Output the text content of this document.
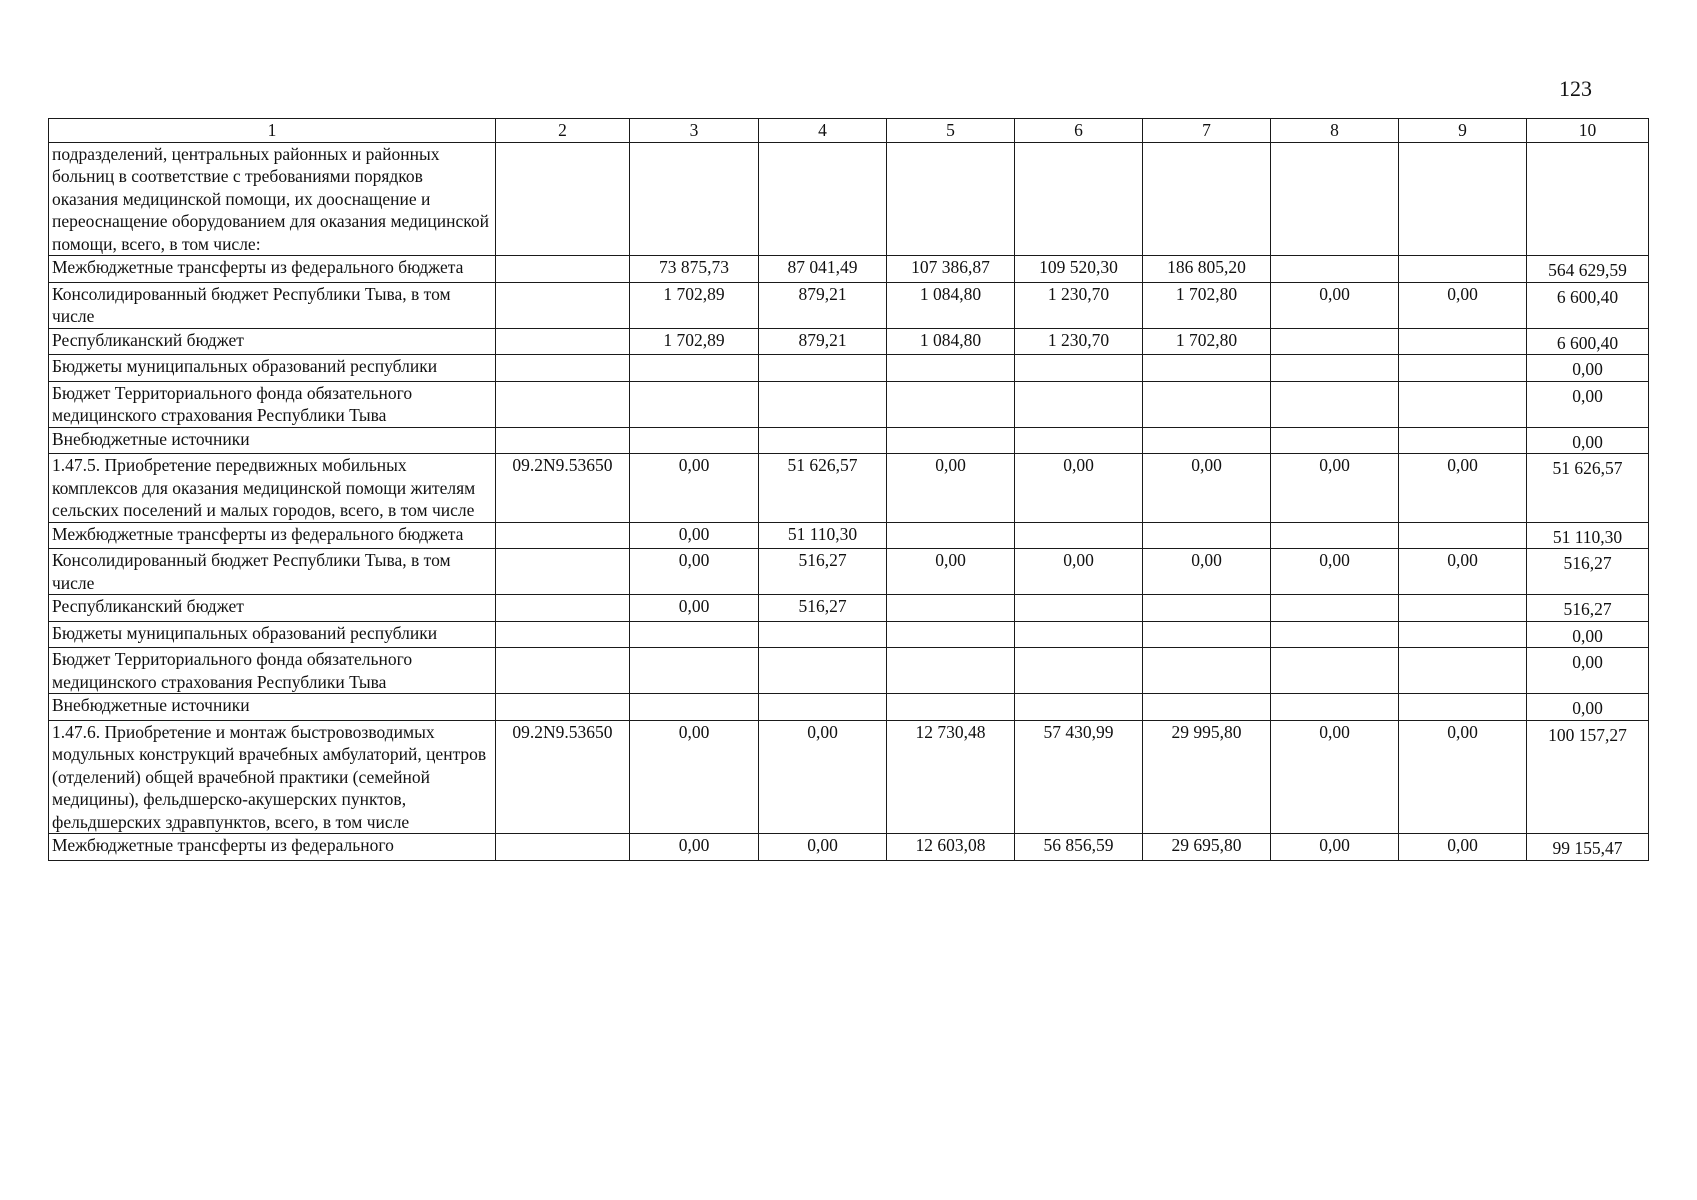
123
1	2	3	4	5	6	7	8	9	10
подразделений, центральных районных и районных больниц в соответствие с требованиями порядков оказания медицинской помощи, их дооснащение и переоснащение оборудованием для оказания медицинской помощи, всего, в том числе:									
Межбюджетные трансферты из федерального бюджета		73 875,73	87 041,49	107 386,87	109 520,30	186 805,20			564 629,59
Консолидированный бюджет Республики Тыва, в том числе		1 702,89	879,21	1 084,80	1 230,70	1 702,80	0,00	0,00	6 600,40
Республиканский бюджет		1 702,89	879,21	1 084,80	1 230,70	1 702,80			6 600,40
Бюджеты муниципальных образований республики									0,00
Бюджет Территориального фонда обязательного медицинского страхования Республики Тыва									0,00
Внебюджетные источники									0,00
1.47.5. Приобретение передвижных мобильных комплексов для оказания медицинской помощи жителям сельских поселений и малых городов, всего, в том числе	09.2N9.53650	0,00	51 626,57	0,00	0,00	0,00	0,00	0,00	51 626,57
Межбюджетные трансферты из федерального бюджета		0,00	51 110,30						51 110,30
Консолидированный бюджет Республики Тыва, в том числе		0,00	516,27	0,00	0,00	0,00	0,00	0,00	516,27
Республиканский бюджет		0,00	516,27						516,27
Бюджеты муниципальных образований республики									0,00
Бюджет Территориального фонда обязательного медицинского страхования Республики Тыва									0,00
Внебюджетные источники									0,00
1.47.6. Приобретение и монтаж быстровозводимых модульных конструкций врачебных амбулаторий, центров (отделений) общей врачебной практики (семейной медицины), фельдшерско-акушерских пунктов, фельдшерских здравпунктов, всего, в том числе	09.2N9.53650	0,00	0,00	12 730,48	57 430,99	29 995,80	0,00	0,00	100 157,27
Межбюджетные трансферты из федерального		0,00	0,00	12 603,08	56 856,59	29 695,80	0,00	0,00	99 155,47
